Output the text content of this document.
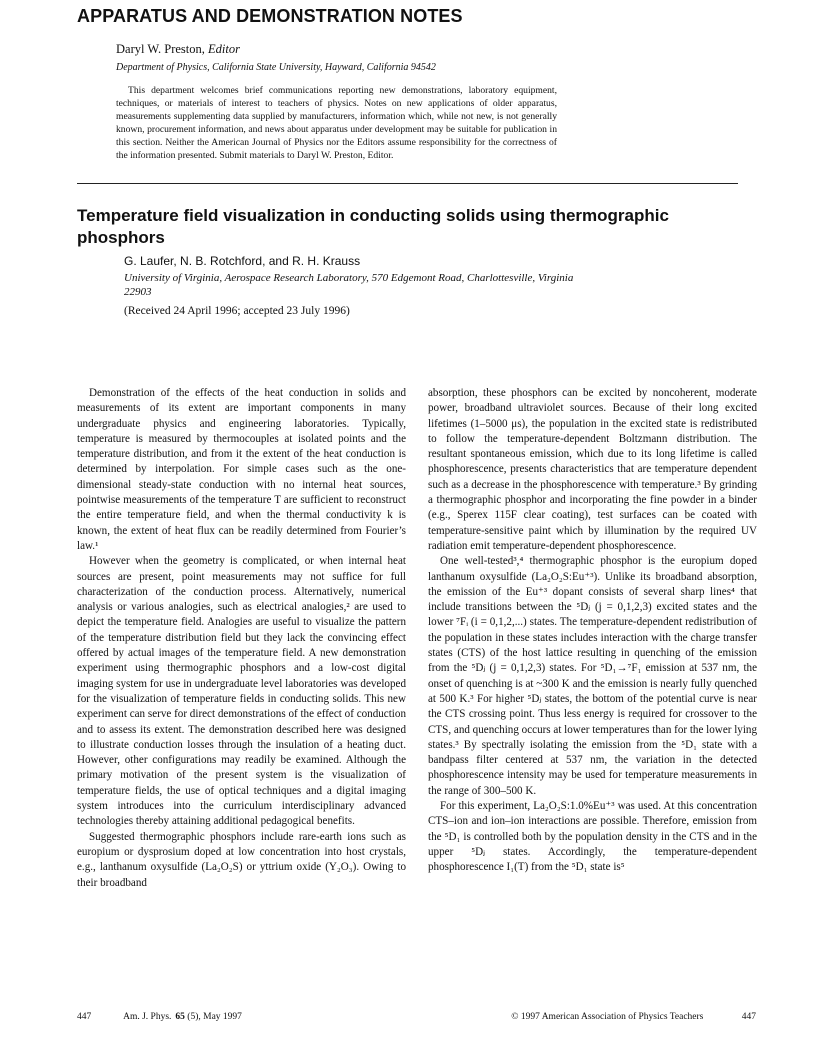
APPARATUS AND DEMONSTRATION NOTES
Daryl W. Preston, Editor
Department of Physics, California State University, Hayward, California 94542
This department welcomes brief communications reporting new demonstrations, laboratory equipment, techniques, or materials of interest to teachers of physics. Notes on new applications of older apparatus, measurements supplementing data supplied by manufacturers, information which, while not new, is not generally known, procurement information, and news about apparatus under development may be suitable for publication in this section. Neither the American Journal of Physics nor the Editors assume responsibility for the correctness of the information presented. Submit materials to Daryl W. Preston, Editor.
Temperature field visualization in conducting solids using thermographic phosphors
G. Laufer, N. B. Rotchford, and R. H. Krauss
University of Virginia, Aerospace Research Laboratory, 570 Edgemont Road, Charlottesville, Virginia 22903
(Received 24 April 1996; accepted 23 July 1996)

Demonstration of the effects of the heat conduction in solids and measurements of its extent are important components in many undergraduate physics and engineering laboratories. Typically, temperature is measured by thermocouples at isolated points and the temperature distribution, and from it the extent of the heat conduction is determined by interpolation. For simple cases such as the one-dimensional steady-state conduction with no internal heat sources, pointwise measurements of the temperature T are sufficient to reconstruct the entire temperature field, and when the thermal conductivity k is known, the extent of heat flux can be readily determined from Fourier’s law.¹

However when the geometry is complicated, or when internal heat sources are present, point measurements may not suffice for full characterization of the conduction process. Alternatively, numerical analysis or various analogies, such as electrical analogies,² are used to depict the temperature field. Analogies are useful to visualize the pattern of the temperature distribution field but they lack the convincing effect offered by actual images of the temperature field. A new demonstration experiment using thermographic phosphors and a low-cost digital imaging system for use in undergraduate level laboratories was developed for the visualization of temperature fields in conducting solids. This new experiment can serve for direct demonstrations of the effect of conduction and to assess its extent. The demonstration described here was designed to illustrate conduction losses through the insulation of a heating duct. However, other configurations may readily be examined. Although the primary motivation of the present system is the visualization of temperature fields, the use of optical techniques and a digital imaging system introduces into the curriculum interdisciplinary advanced technologies thereby attaining additional pedagogical benefits.

Suggested thermographic phosphors include rare-earth ions such as europium or dysprosium doped at low concentration into host crystals, e.g., lanthanum oxysulfide (La₂O₂S) or yttrium oxide (Y₂O₃). Owing to their broadband

absorption, these phosphors can be excited by noncoherent, moderate power, broadband ultraviolet sources. Because of their long excited lifetimes (1–5000 μs), the population in the excited state is redistributed to follow the temperature-dependent Boltzmann distribution. The resultant spontaneous emission, which due to its long lifetime is called phosphorescence, presents characteristics that are temperature dependent such as a decrease in the phosphorescence with temperature.³ By grinding a thermographic phosphor and incorporating the fine powder in a binder (e.g., Sperex 115F clear coating), test surfaces can be coated with temperature-sensitive paint which by illumination by the required UV radiation emit temperature-dependent phosphorescence.

One well-tested³,⁴ thermographic phosphor is the europium doped lanthanum oxysulfide (La₂O₂S:Eu⁺³). Unlike its broadband absorption, the emission of the Eu⁺³ dopant consists of several sharp lines⁴ that include transitions between the ⁵Dⱼ (j = 0,1,2,3) excited states and the lower ⁷Fᵢ (i = 0,1,2,...) states. The temperature-dependent redistribution of the population in these states includes interaction with the charge transfer states (CTS) of the host lattice resulting in quenching of the emission from the ⁵Dⱼ (j = 0,1,2,3) states. For ⁵D₁→⁷F₁ emission at 537 nm, the onset of quenching is at ~300 K and the emission is nearly fully quenched at 500 K.³ For higher ⁵Dⱼ states, the bottom of the potential curve is near the CTS crossing point. Thus less energy is required for crossover to the CTS, and quenching occurs at lower temperatures than for the lower lying states.³ By spectrally isolating the emission from the ⁵D₁ state with a bandpass filter centered at 537 nm, the variation in the detected phosphorescence intensity may be used for temperature measurements in the range of 300–500 K.

For this experiment, La₂O₂S:1.0%Eu⁺³ was used. At this concentration CTS–ion and ion–ion interactions are possible. Therefore, emission from the ⁵D₁ is controlled both by the population density in the CTS and in the upper ⁵Dⱼ states. Accordingly, the temperature-dependent phosphorescence I₁(T) from the ⁵D₁ state is⁵

447	Am. J. Phys. 65 (5), May 1997	© 1997 American Association of Physics Teachers	447
